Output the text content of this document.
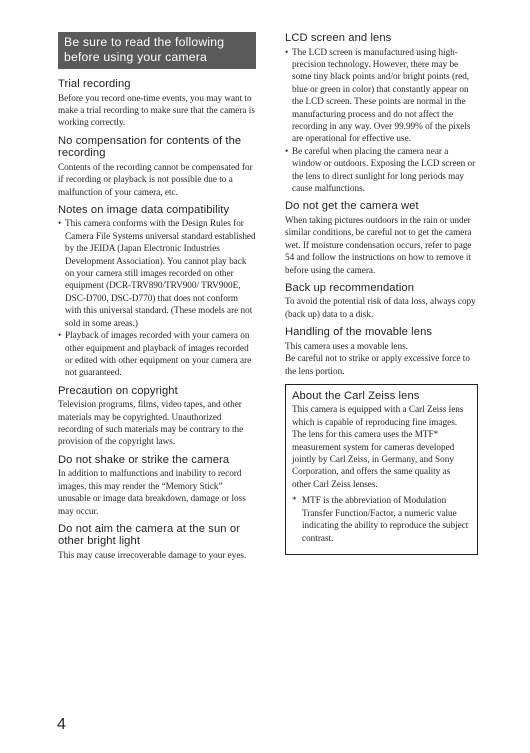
Be sure to read the following
before using your camera
Trial recording

Before you record one-time events, you may want to make a trial recording to make sure that the camera is working correctly.

No compensation for contents of the recording

Contents of the recording cannot be compensated for if recording or playback is not possible due to a malfunction of your camera, etc.

Notes on image data compatibility
• This camera conforms with the Design Rules for Camera File Systems universal standard established by the JEIDA (Japan Electronic Industries Development Association). You cannot play back on your camera still images recorded on other equipment (DCR-TRV890/TRV900/ TRV900E, DSC-D700, DSC-D770) that does not conform with this universal standard. (These models are not sold in some areas.)
• Playback of images recorded with your camera on other equipment and playback of images recorded or edited with other equipment on your camera are not guaranteed.
Precaution on copyright

Television programs, films, video tapes, and other materials may be copyrighted. Unauthorized recording of such materials may be contrary to the provision of the copyright laws.

Do not shake or strike the camera

In addition to malfunctions and inability to record images, this may render the “Memory Stick” unusable or image data breakdown, damage or loss may occur.

Do not aim the camera at the sun or other bright light

This may cause irrecoverable damage to your eyes.

LCD screen and lens
• The LCD screen is manufactured using high-precision technology. However, there may be some tiny black points and/or bright points (red, blue or green in color) that constantly appear on the LCD screen. These points are normal in the manufacturing process and do not affect the recording in any way. Over 99.99% of the pixels are operational for effective use.
• Be careful when placing the camera near a window or outdoors. Exposing the LCD screen or the lens to direct sunlight for long periods may cause malfunctions.
Do not get the camera wet

When taking pictures outdoors in the rain or under similar conditions, be careful not to get the camera wet. If moisture condensation occurs, refer to page 54 and follow the instructions on how to remove it before using the camera.

Back up recommendation

To avoid the potential risk of data loss, always copy (back up) data to a disk.

Handling of the movable lens

This camera uses a movable lens.

Be careful not to strike or apply excessive force to the lens portion.

About the Carl Zeiss lens

This camera is equipped with a Carl Zeiss lens which is capable of reproducing fine images. The lens for this camera uses the MTF* measurement system for cameras developed jointly by Carl Zeiss, in Germany, and Sony Corporation, and offers the same quality as other Carl Zeiss lenses.

* MTF is the abbreviation of Modulation Transfer Function/Factor, a numeric value indicating the ability to reproduce the subject contrast.

4
